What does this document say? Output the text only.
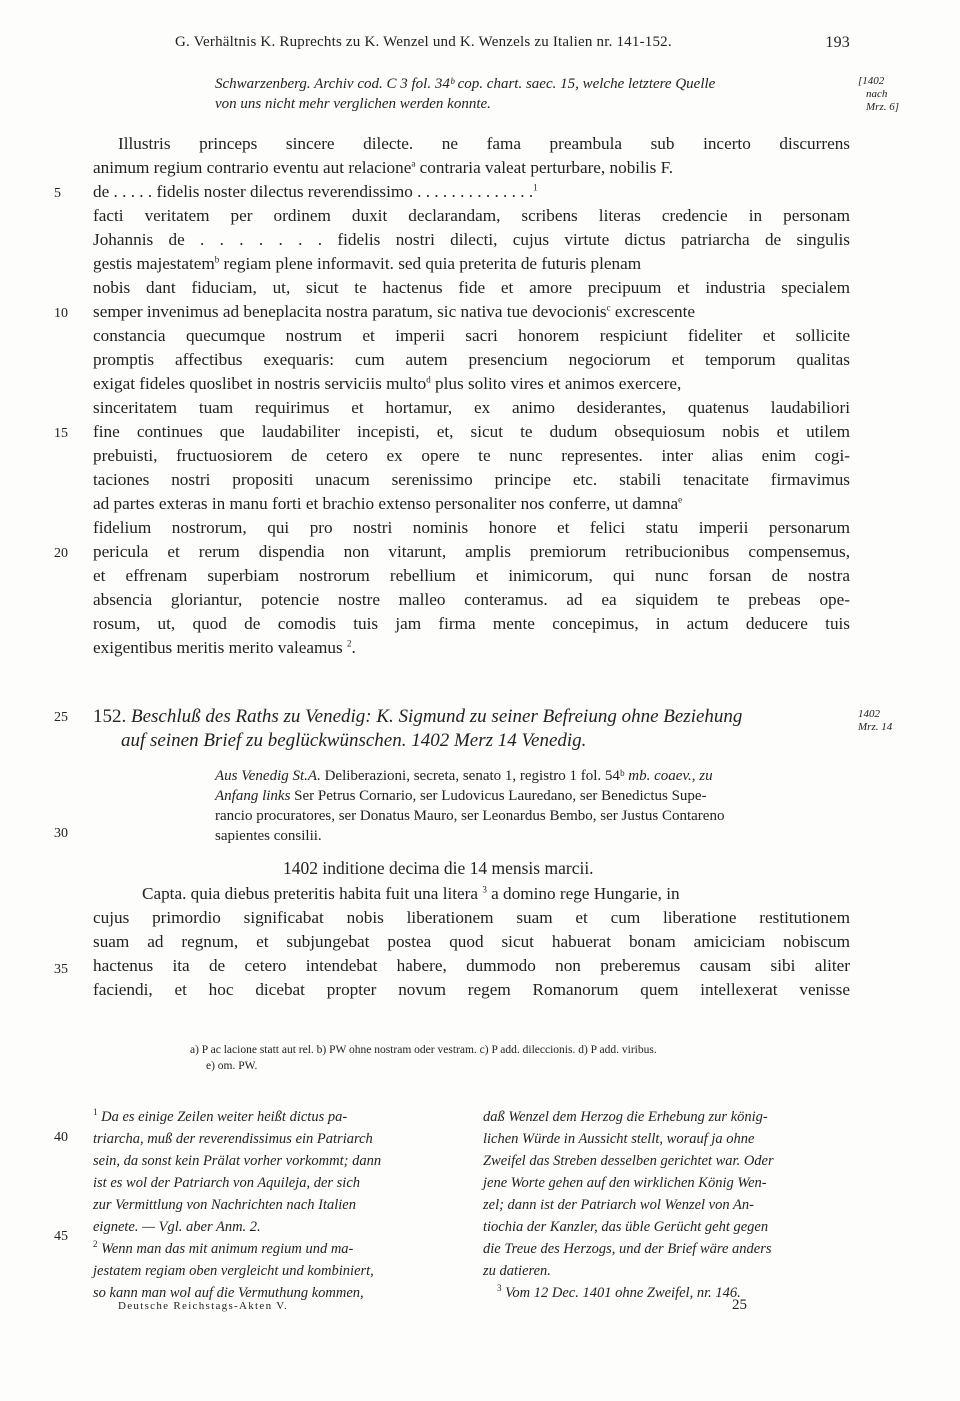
G. Verhältnis K. Ruprechts zu K. Wenzel und K. Wenzels zu Italien nr. 141-152.	193
Schwarzenberg. Archiv cod. C 3 fol. 34ᵇ cop. chart. saec. 15, welche letztere Quelle
von uns nicht mehr verglichen werden konnte.
[1402
nach
Mrz. 6]
Illustris princeps sincere dilecte. ne fama preambula sub incerto discurrens
animum regium contrario eventu aut relacione$^a$ contraria valeat perturbare, nobilis F.
de . . . . . fidelis noster dilectus reverendissimo . . . . . . . . . . . . . .$^1$
facti veritatem per ordinem duxit declarandam, scribens literas credencie in personam
Johannis de . . . . . . . fidelis nostri dilecti, cujus virtute dictus patriarcha de singulis
gestis majestatem$^b$ regiam plene informavit. sed quia preterita de futuris plenam
nobis dant fiduciam, ut, sicut te hactenus fide et amore precipuum et industria specialem
semper invenimus ad beneplacita nostra paratum, sic nativa tue devocionis$^c$ excrescente
constancia quecumque nostrum et imperii sacri honorem respiciunt fideliter et sollicite
promptis affectibus exequaris: cum autem presencium negociorum et temporum qualitas
exigat fideles quoslibet in nostris serviciis multo$^d$ plus solito vires et animos exercere,
sinceritatem tuam requirimus et hortamur, ex animo desiderantes, quatenus laudabiliori
fine continues que laudabiliter incepisti, et, sicut te dudum obsequiosum nobis et utilem
prebuisti, fructuosiorem de cetero ex opere te nunc representes. inter alias enim cogi-
taciones nostri propositi unacum serenissimo principe etc. stabili tenacitate firmavimus
ad partes exteras in manu forti et brachio extenso personaliter nos conferre, ut damna$^e$
fidelium nostrorum, qui pro nostri nominis honore et felici statu imperii personarum
pericula et rerum dispendia non vitarunt, amplis premiorum retribucionibus compensemus,
et effrenam superbiam nostrorum rebellium et inimicorum, qui nunc forsan de nostra
absencia gloriantur, potencie nostre malleo conteramus. ad ea siquidem te prebeas ope-
rosum, ut, quod de comodis tuis jam firma mente concepimus, in actum deducere tuis
exigentibus meritis merito valeamus $^2$.
5
10
15
20
25
30
35
40
45
152. Beschluß des Raths zu Venedig: K. Sigmund zu seiner Befreiung ohne Beziehung
auf seinen Brief zu beglückwünschen. 1402 Merz 14 Venedig.
1402
Mrz. 14
Aus Venedig St.A. Deliberazioni, secreta, senato 1, registro 1 fol. 54ᵇ mb. coaev., zu
Anfang links Ser Petrus Cornario, ser Ludovicus Lauredano, ser Benedictus Supe-
rancio procuratores, ser Donatus Mauro, ser Leonardus Bembo, ser Justus Contareno
sapientes consilii.
1402 inditione decima die 14 mensis marcii.
Capta. quia diebus preteritis habita fuit una litera $^3$ a domino rege Hungarie, in
cujus primordio significabat nobis liberationem suam et cum liberatione restitutionem
suam ad regnum, et subjungebat postea quod sicut habuerat bonam amiciciam nobiscum
hactenus ita de cetero intendebat habere, dummodo non preberemus causam sibi aliter
faciendi, et hoc dicebat propter novum regem Romanorum quem intellexerat venisse
a) P ac lacione statt aut rel. b) PW ohne nostram oder vestram. c) P add. dileccionis. d) P add. viribus.
e) om. PW.
$^1$ Da es einige Zeilen weiter heißt dictus pa-
triarcha, muß der reverendissimus ein Patriarch
sein, da sonst kein Prälat vorher vorkommt; dann
ist es wol der Patriarch von Aquileja, der sich
zur Vermittlung von Nachrichten nach Italien
eignete. — Vgl. aber Anm. 2.
$^2$ Wenn man das mit animum regium und ma-
jestatem regiam oben vergleicht und kombiniert,
so kann man wol auf die Vermuthung kommen,
daß Wenzel dem Herzog die Erhebung zur könig-
lichen Würde in Aussicht stellt, worauf ja ohne
Zweifel das Streben desselben gerichtet war. Oder
jene Worte gehen auf den wirklichen König Wen-
zel; dann ist der Patriarch wol Wenzel von An-
tiochia der Kanzler, das üble Gerücht geht gegen
die Treue des Herzogs, und der Brief wäre anders
zu datieren.
$^3$ Vom 12 Dec. 1401 ohne Zweifel, nr. 146.
Deutsche Reichstags-Akten V.	25
